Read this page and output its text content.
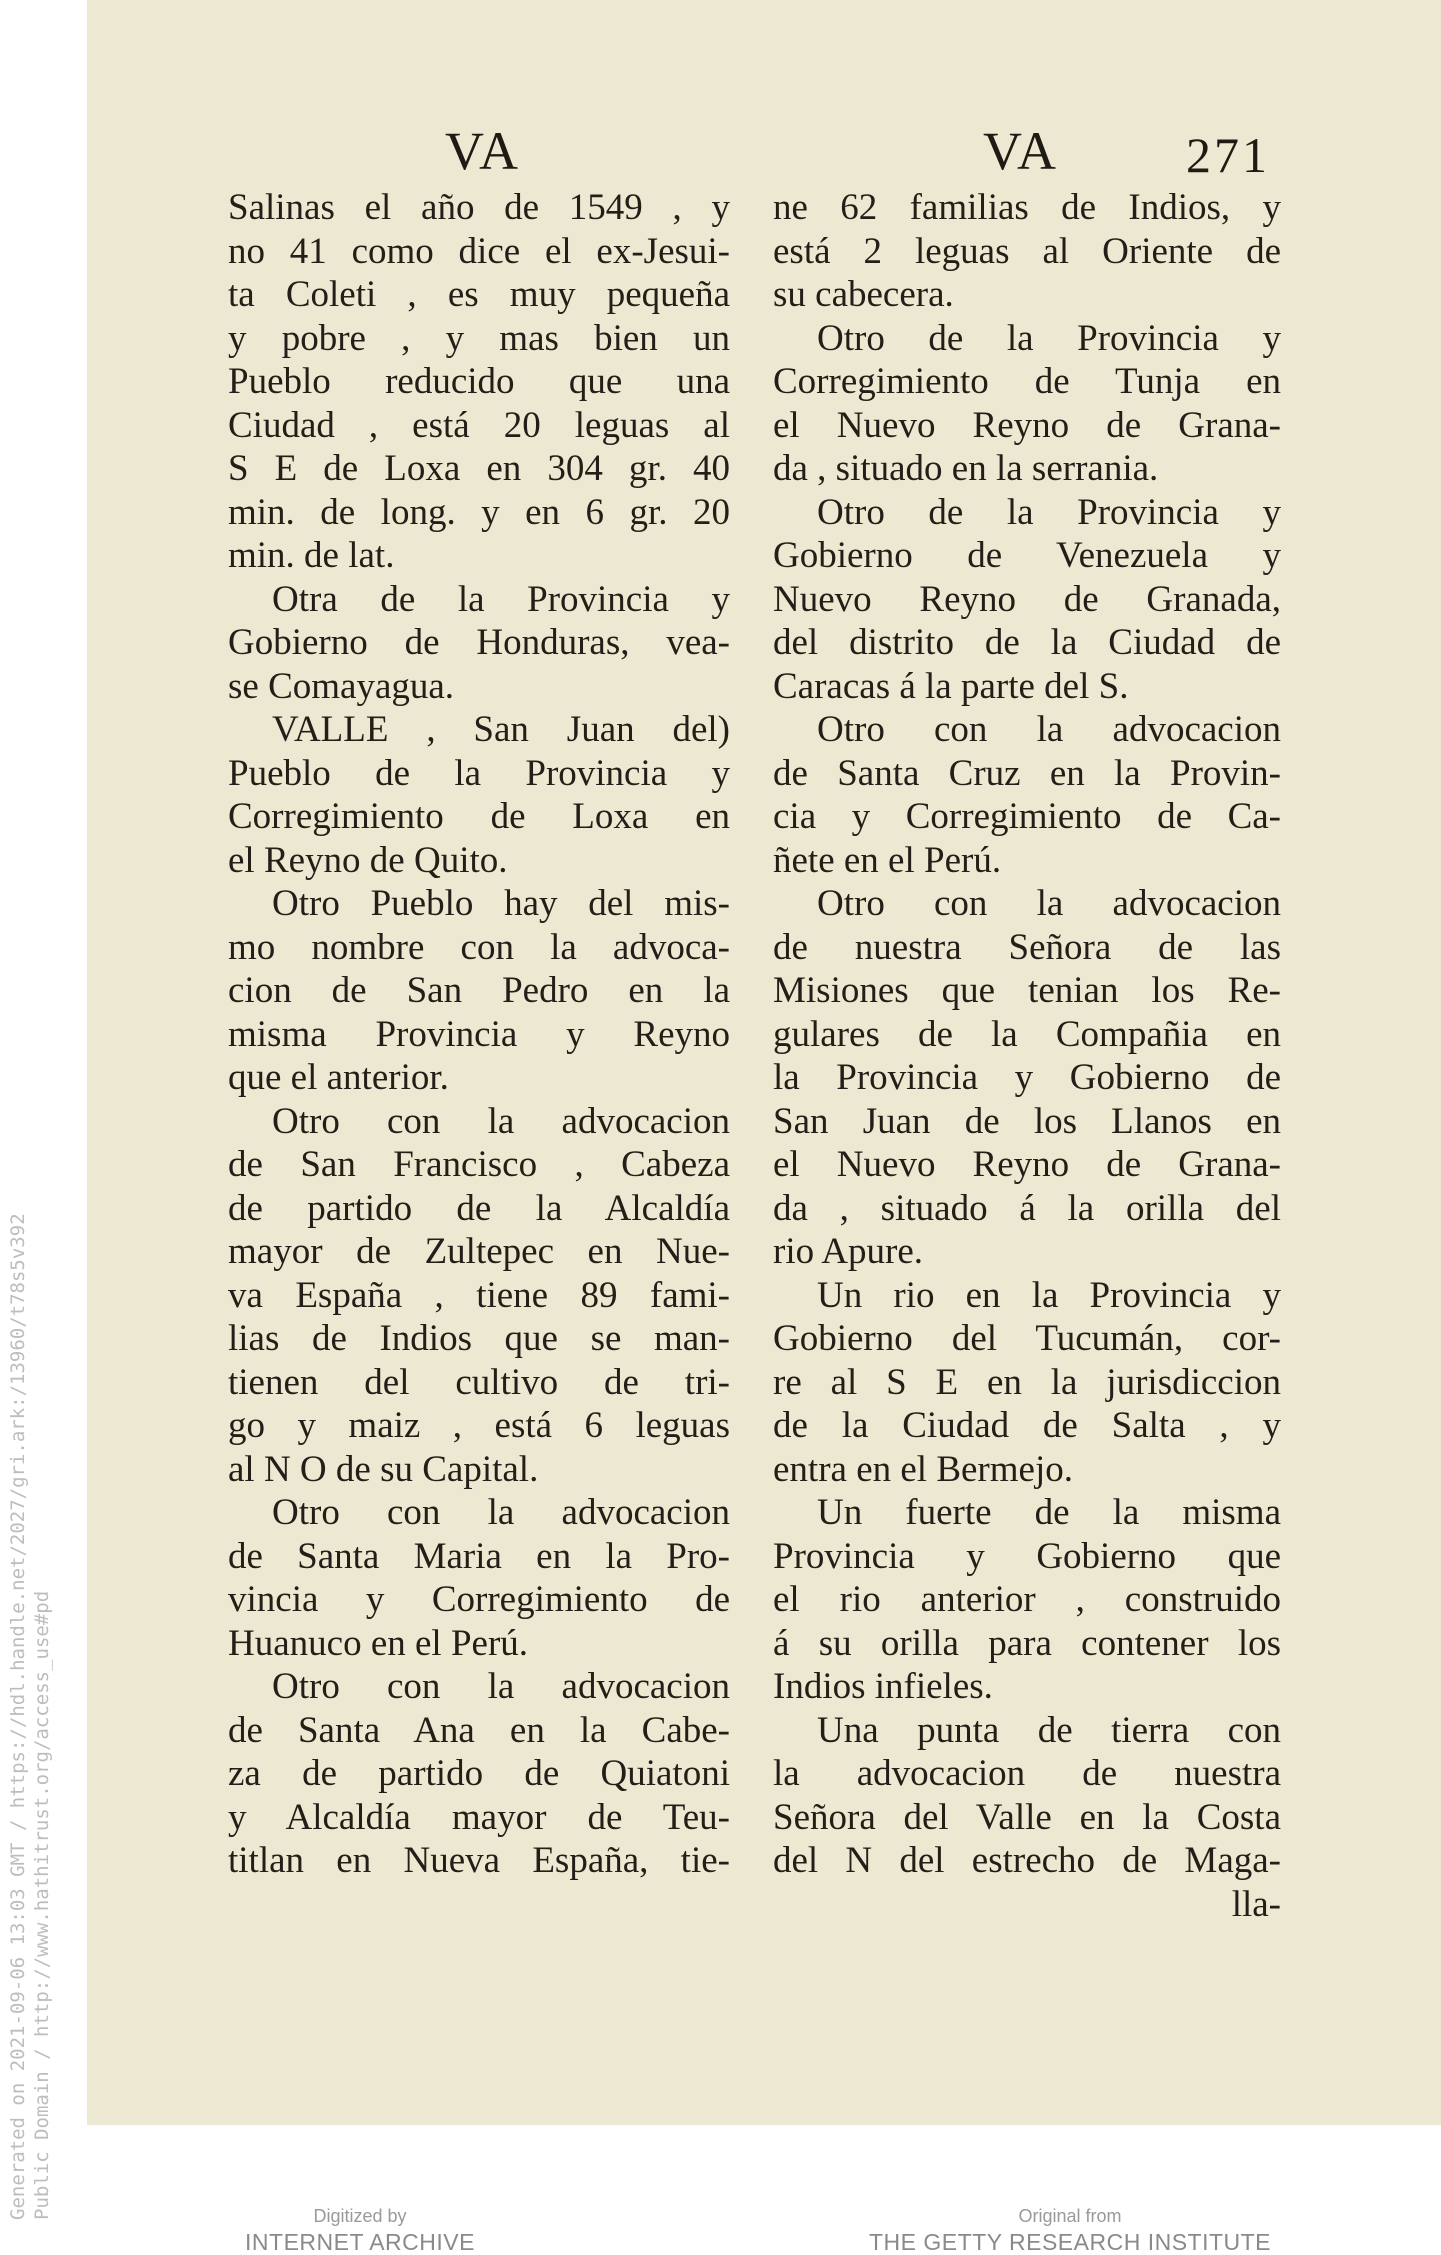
Generated on 2021-09-06 13:03 GMT / https://hdl.handle.net/2027/gri.ark:/13960/t78s5v392 Public Domain / http://www.hathitrust.org/access_use#pd
VA	VA	271
Salinas el año de 1549 , y
no 41 como dice el ex-Jesui-
ta Coleti , es muy pequeña
y pobre , y mas bien un
Pueblo reducido que una
Ciudad , está 20 leguas al
S E de Loxa en 304 gr. 40
min. de long. y en 6 gr. 20
min. de lat.
Otra de la Provincia y
Gobierno de Honduras, vea-
se Comayagua.
VALLE , San Juan del)
Pueblo de la Provincia y
Corregimiento de Loxa en
el Reyno de Quito.
Otro Pueblo hay del mis-
mo nombre con la advoca-
cion de San Pedro en la
misma Provincia y Reyno
que el anterior.
Otro con la advocacion
de San Francisco , Cabeza
de partido de la Alcaldía
mayor de Zultepec en Nue-
va España , tiene 89 fami-
lias de Indios que se man-
tienen del cultivo de tri-
go y maiz , está 6 leguas
al N O de su Capital.
Otro con la advocacion
de Santa Maria en la Pro-
vincia y Corregimiento de
Huanuco en el Perú.
Otro con la advocacion
de Santa Ana en la Cabe-
za de partido de Quiatoni
y Alcaldía mayor de Teu-
titlan en Nueva España, tie-
ne 62 familias de Indios, y
está 2 leguas al Oriente de
su cabecera.
Otro de la Provincia y
Corregimiento de Tunja en
el Nuevo Reyno de Grana-
da , situado en la serrania.
Otro de la Provincia y
Gobierno de Venezuela y
Nuevo Reyno de Granada,
del distrito de la Ciudad de
Caracas á la parte del S.
Otro con la advocacion
de Santa Cruz en la Provin-
cia y Corregimiento de Ca-
ñete en el Perú.
Otro con la advocacion
de nuestra Señora de las
Misiones que tenian los Re-
gulares de la Compañia en
la Provincia y Gobierno de
San Juan de los Llanos en
el Nuevo Reyno de Grana-
da , situado á la orilla del
rio Apure.
Un rio en la Provincia y
Gobierno del Tucumán, cor-
re al S E en la jurisdiccion
de la Ciudad de Salta , y
entra en el Bermejo.
Un fuerte de la misma
Provincia y Gobierno que
el rio anterior , construido
á su orilla para contener los
Indios infieles.
Una punta de tierra con
la advocacion de nuestra
Señora del Valle en la Costa
del N del estrecho de Maga-
lla-
Digitized by
INTERNET ARCHIVE
Original from
THE GETTY RESEARCH INSTITUTE
